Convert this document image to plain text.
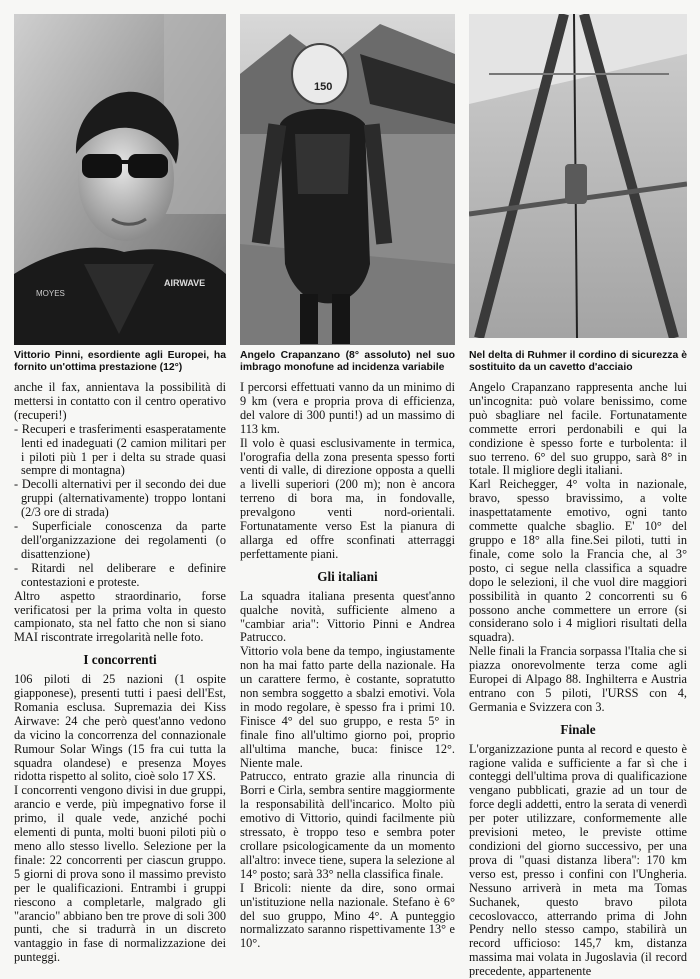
AIRWAVE
MOYES
Vittorio Pinni, esordiente agli Europei, ha fornito un'ottima prestazione (12°)

anche il fax, annientava la possibilità di mettersi in contatto con il centro operativo (recuperi!)

- Recuperi e trasferimenti esasperatamente lenti ed inadeguati (2 camion militari per i piloti più 1 per i delta su strade quasi sempre di montagna)

- Decolli alternativi per il secondo dei due gruppi (alternativamente) troppo lontani (2/3 ore di strada)

- Superficiale conoscenza da parte dell'organizzazione dei regolamenti (o disattenzione)

- Ritardi nel deliberare e definire contestazioni e proteste.

Altro aspetto straordinario, forse verificatosi per la prima volta in questo campionato, sta nel fatto che non si siano MAI riscontrate irregolarità nelle foto.

I concorrenti

106 piloti di 25 nazioni (1 ospite giapponese), presenti tutti i paesi dell'Est, Romania esclusa. Supremazia dei Kiss Airwave: 24 che però quest'anno vedono da vicino la concorrenza del connazionale Rumour Solar Wings (15 fra cui tutta la squadra olandese) e presenza Moyes ridotta rispetto al solito, cioè solo 17 XS.

I concorrenti vengono divisi in due gruppi, arancio e verde, più impegnativo forse il primo, il quale vede, anziché pochi elementi di punta, molti buoni piloti più o meno allo stesso livello. Selezione per la finale: 22 concorrenti per ciascun gruppo. 5 giorni di prova sono il massimo previsto per le qualificazioni. Entrambi i gruppi riescono a completarle, malgrado gli "arancio" abbiano ben tre prove di soli 300 punti, che si tradurrà in un discreto vantaggio in fase di normalizzazione dei punteggi.

150
Angelo Crapanzano (8° assoluto) nel suo imbrago monofune ad incidenza variabile

I percorsi effettuati vanno da un minimo di 9 km (vera e propria prova di efficienza, del valore di 300 punti!) ad un massimo di 113 km.

Il volo è quasi esclusivamente in termica, l'orografia della zona presenta spesso forti venti di valle, di direzione opposta a quelli a livelli superiori (200 m); non è ancora terreno di bora ma, in fondovalle, prevalgono venti nord-orientali. Fortunatamente verso Est la pianura di allarga ed offre sconfinati atterraggi perfettamente piani.

Gli italiani

La squadra italiana presenta quest'anno qualche novità, sufficiente almeno a "cambiar aria": Vittorio Pinni e Andrea Patrucco.

Vittorio vola bene da tempo, ingiustamente non ha mai fatto parte della nazionale. Ha un carattere fermo, è costante, sopratutto non sembra soggetto a sbalzi emotivi. Vola in modo regolare, è spesso fra i primi 10. Finisce 4° del suo gruppo, e resta 5° in finale fino all'ultimo giorno poi, proprio all'ultima manche, buca: finisce 12°. Niente male.

Patrucco, entrato grazie alla rinuncia di Borri e Cirla, sembra sentire maggiormente la responsabilità dell'incarico. Molto più emotivo di Vittorio, quindi facilmente più stressato, è troppo teso e sembra poter crollare psicologicamente da un momento all'altro: invece tiene, supera la selezione al 14° posto; sarà 33° nella classifica finale.

I Bricoli: niente da dire, sono ormai un'istituzione nella nazionale. Stefano è 6° del suo gruppo, Mino 4°. A punteggio normalizzato saranno rispettivamente 13° e 10°.

Nel delta di Ruhmer il cordino di sicurezza è sostituito da un cavetto d'acciaio

Angelo Crapanzano rappresenta anche lui un'incognita: può volare benissimo, come può sbagliare nel facile. Fortunatamente commette errori perdonabili e qui la condizione è spesso forte e turbolenta: il suo terreno. 6° del suo gruppo, sarà 8° in totale. Il migliore degli italiani.

Karl Reichegger, 4° volta in nazionale, bravo, spesso bravissimo, a volte inaspettatamente emotivo, ogni tanto commette qualche sbaglio. E' 10° del gruppo e 18° alla fine.Sei piloti, tutti in finale, come solo la Francia che, al 3° posto, ci segue nella classifica a squadre dopo le selezioni, il che vuol dire maggiori possibilità in quanto 2 concorrenti su 6 possono anche commettere un errore (si considerano solo i 4 migliori risultati della squadra).

Nelle finali la Francia sorpassa l'Italia che si piazza onorevolmente terza come agli Europei di Alpago 88. Inghilterra e Austria entrano con 5 piloti, l'URSS con 4, Germania e Svizzera con 3.

Finale

L'organizzazione punta al record e questo è ragione valida e sufficiente a far sì che i conteggi dell'ultima prova di qualificazione vengano pubblicati, grazie ad un tour de force degli addetti, entro la serata di venerdì per poter utilizzare, conformemente alle previsioni meteo, le previste ottime condizioni del giorno successivo, per una prova di "quasi distanza libera": 170 km verso est, presso i confini con l'Ungheria. Nessuno arriverà in meta ma Tomas Suchanek, questo bravo pilota cecoslovacco, atterrando prima di John Pendry nello stesso campo, stabilirà un record ufficioso: 145,7 km, distanza massima mai volata in Jugoslavia (il record precedente, appartenente
